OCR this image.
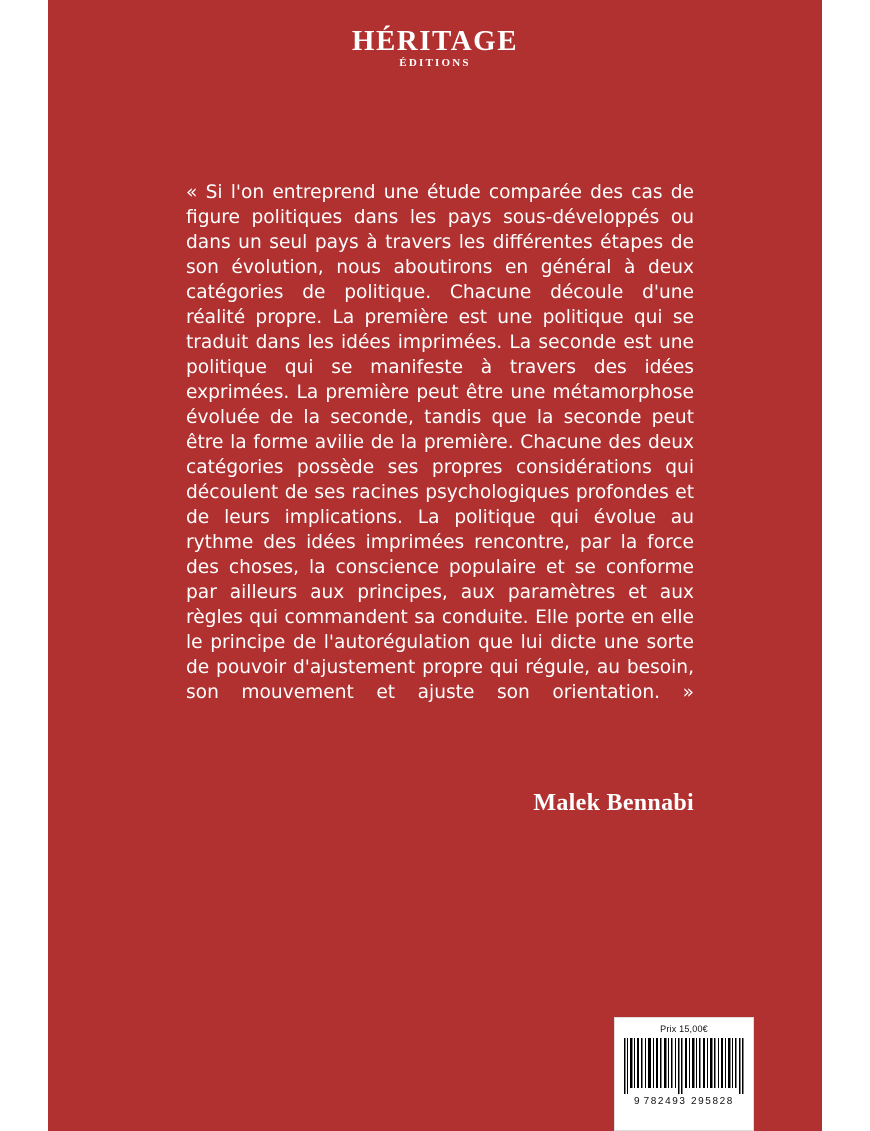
HÉRITAGE
ÉDITIONS
« Si l'on entreprend une étude comparée des cas de figure politiques dans les pays sous-développés ou dans un seul pays à travers les différentes étapes de son évolution, nous aboutirons en général à deux catégories de politique. Chacune découle d'une réalité propre. La première est une politique qui se traduit dans les idées imprimées. La seconde est une politique qui se manifeste à travers des idées exprimées. La première peut être une métamorphose évoluée de la seconde, tandis que la seconde peut être la forme avilie de la première. Chacune des deux catégories possède ses propres considérations qui découlent de ses racines psychologiques profondes et de leurs implications. La politique qui évolue au rythme des idées imprimées rencontre, par la force des choses, la conscience populaire et se conforme par ailleurs aux principes, aux paramètres et aux règles qui commandent sa conduite. Elle porte en elle le principe de l'autorégulation que lui dicte une sorte de pouvoir d'ajustement propre qui régule, au besoin, son mouvement et ajuste son orientation. »
Malek Bennabi
Prix 15,00€
9 782493 295828
